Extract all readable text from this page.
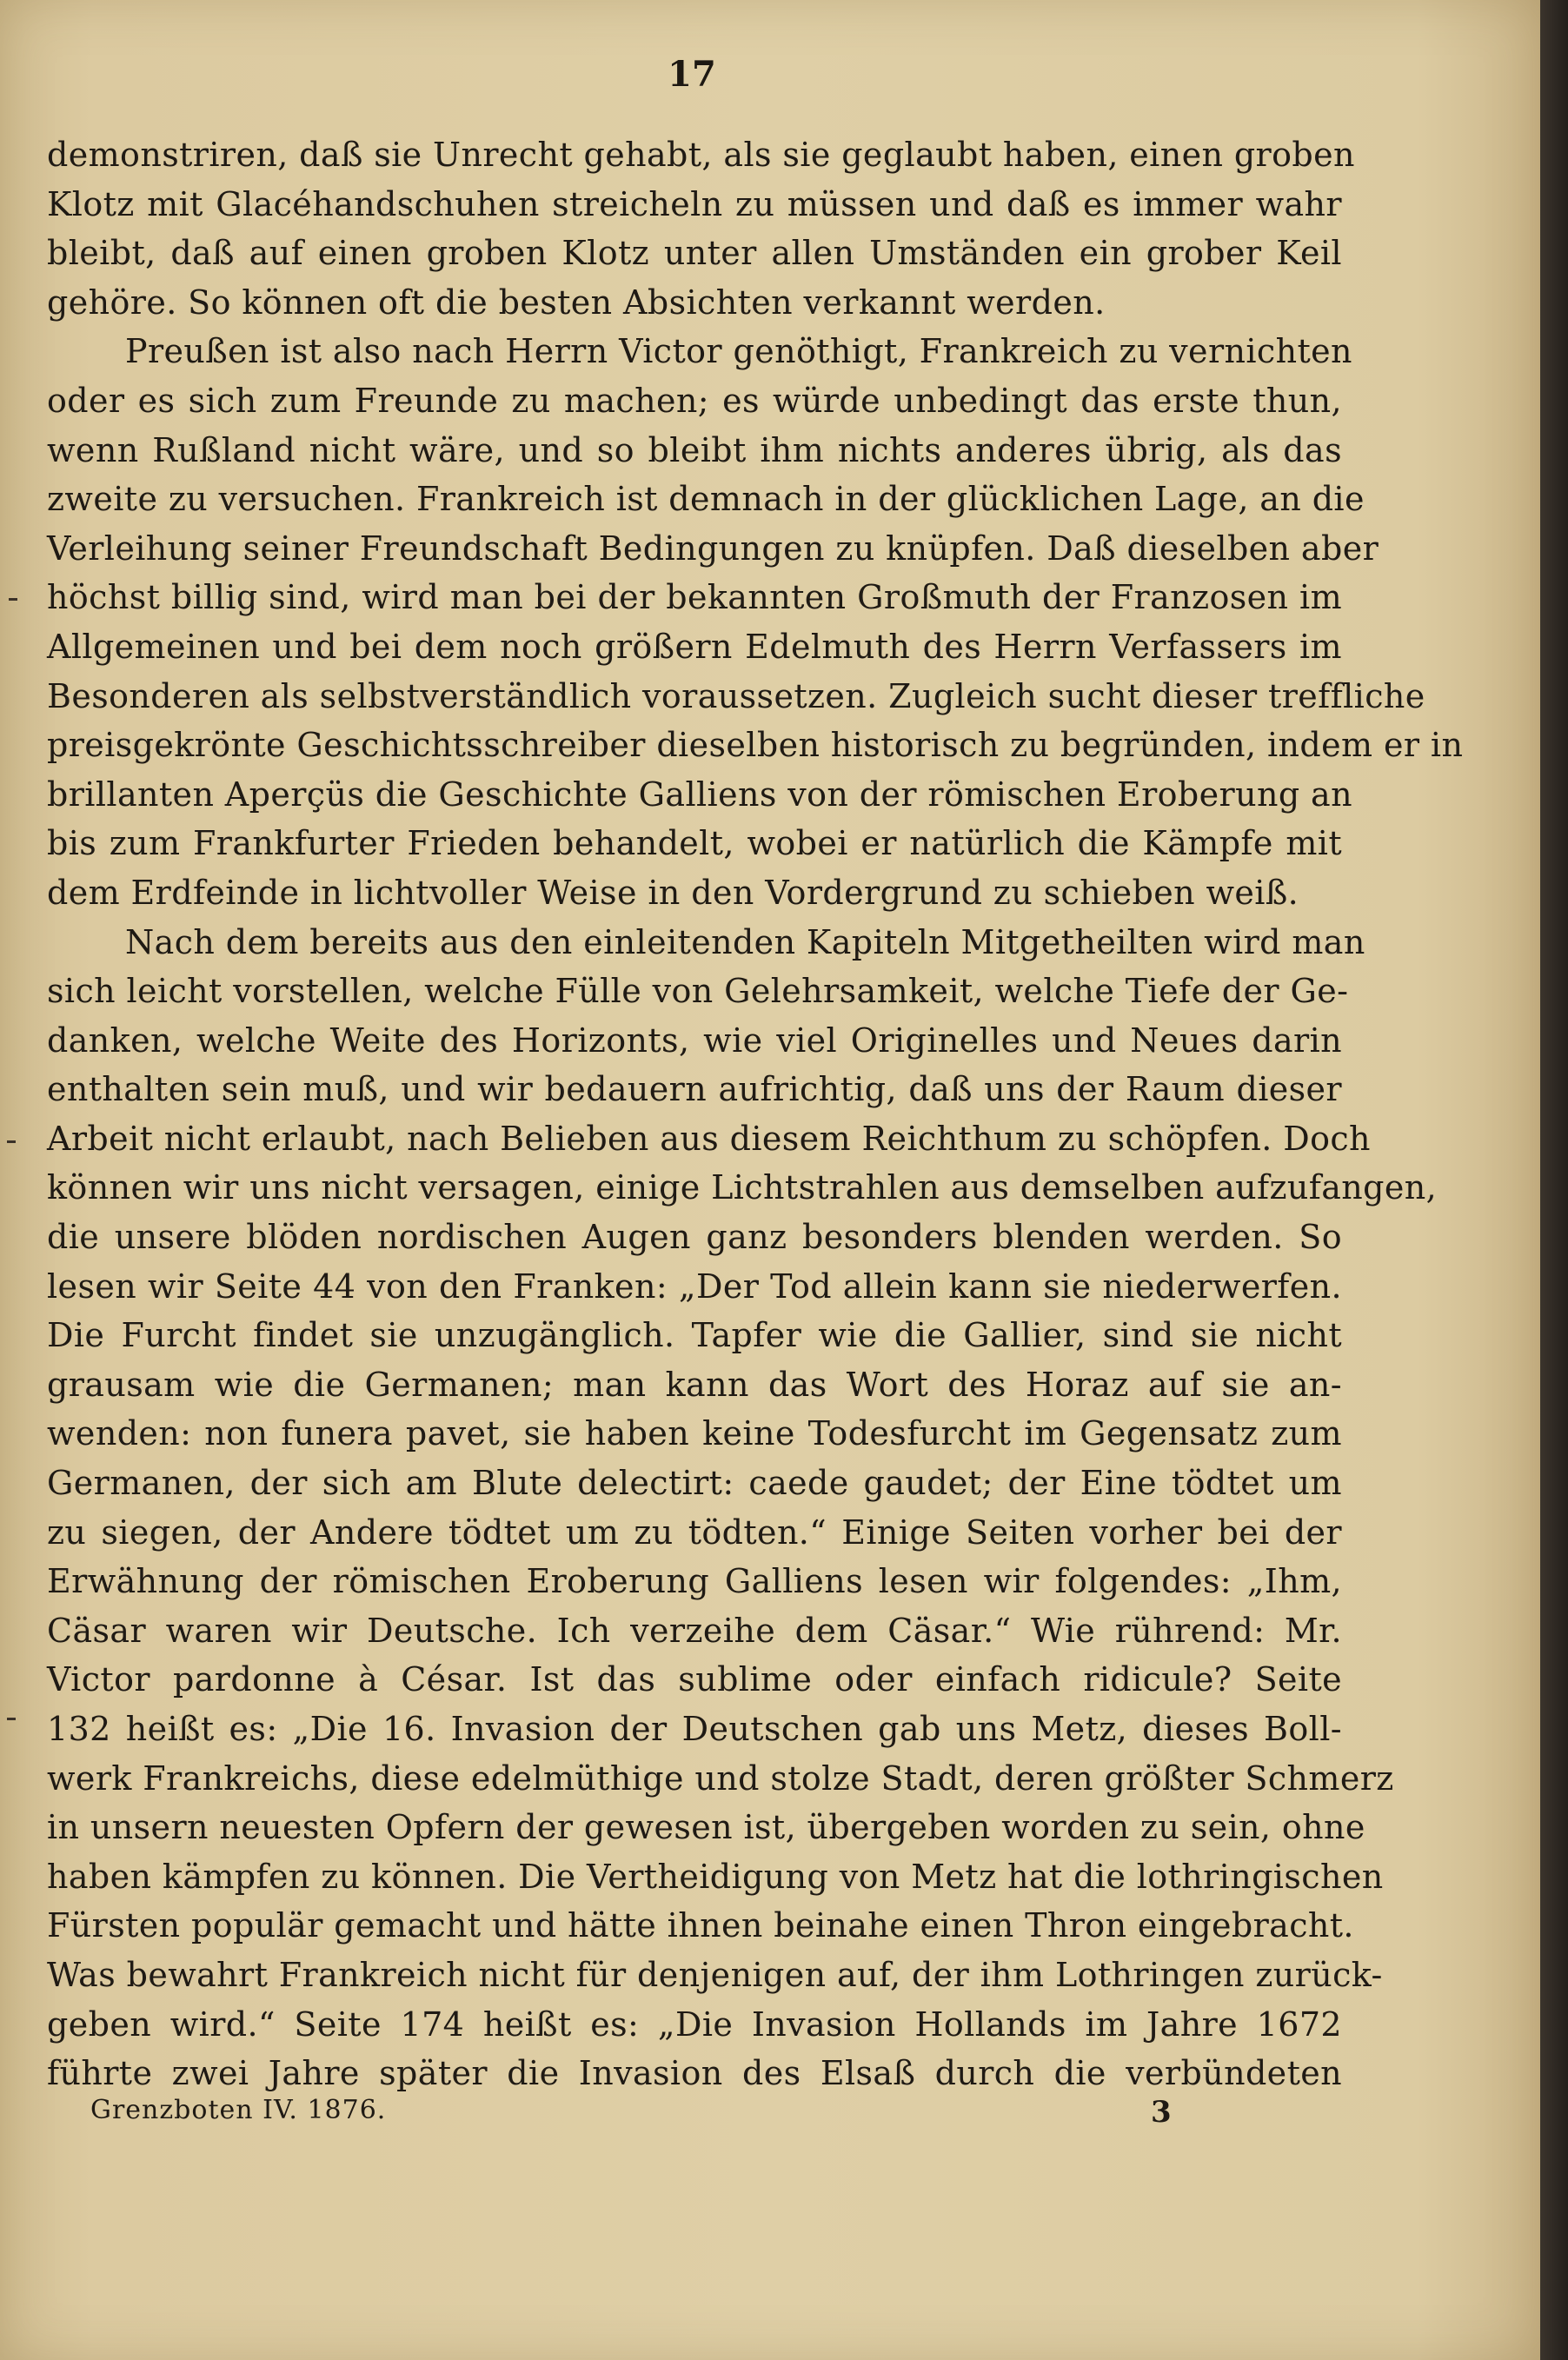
17
demonstriren, daß sie Unrecht gehabt, als sie geglaubt haben, einen groben
Klotz mit Glacéhandschuhen streicheln zu müssen und daß es immer wahr
bleibt, daß auf einen groben Klotz unter allen Umständen ein grober Keil
gehöre. So können oft die besten Absichten verkannt werden.
Preußen ist also nach Herrn Victor genöthigt, Frankreich zu vernichten
oder es sich zum Freunde zu machen; es würde unbedingt das erste thun,
wenn Rußland nicht wäre, und so bleibt ihm nichts anderes übrig, als das
zweite zu versuchen. Frankreich ist demnach in der glücklichen Lage, an die
Verleihung seiner Freundschaft Bedingungen zu knüpfen. Daß dieselben aber
höchst billig sind, wird man bei der bekannten Großmuth der Franzosen im
Allgemeinen und bei dem noch größern Edelmuth des Herrn Verfassers im
Besonderen als selbstverständlich voraussetzen. Zugleich sucht dieser treffliche
preisgekrönte Geschichtsschreiber dieselben historisch zu begründen, indem er in
brillanten Aperçüs die Geschichte Galliens von der römischen Eroberung an
bis zum Frankfurter Frieden behandelt, wobei er natürlich die Kämpfe mit
dem Erdfeinde in lichtvoller Weise in den Vordergrund zu schieben weiß.
Nach dem bereits aus den einleitenden Kapiteln Mitgetheilten wird man
sich leicht vorstellen, welche Fülle von Gelehrsamkeit, welche Tiefe der Ge-
danken, welche Weite des Horizonts, wie viel Originelles und Neues darin
enthalten sein muß, und wir bedauern aufrichtig, daß uns der Raum dieser
Arbeit nicht erlaubt, nach Belieben aus diesem Reichthum zu schöpfen. Doch
können wir uns nicht versagen, einige Lichtstrahlen aus demselben aufzufangen,
die unsere blöden nordischen Augen ganz besonders blenden werden. So
lesen wir Seite 44 von den Franken: „Der Tod allein kann sie niederwerfen.
Die Furcht findet sie unzugänglich. Tapfer wie die Gallier, sind sie nicht
grausam wie die Germanen; man kann das Wort des Horaz auf sie an-
wenden: non funera pavet, sie haben keine Todesfurcht im Gegensatz zum
Germanen, der sich am Blute delectirt: caede gaudet; der Eine tödtet um
zu siegen, der Andere tödtet um zu tödten.“ Einige Seiten vorher bei der
Erwähnung der römischen Eroberung Galliens lesen wir folgendes: „Ihm,
Cäsar waren wir Deutsche. Ich verzeihe dem Cäsar.“ Wie rührend: Mr.
Victor pardonne à César. Ist das sublime oder einfach ridicule? Seite
132 heißt es: „Die 16. Invasion der Deutschen gab uns Metz, dieses Boll-
werk Frankreichs, diese edelmüthige und stolze Stadt, deren größter Schmerz
in unsern neuesten Opfern der gewesen ist, übergeben worden zu sein, ohne
haben kämpfen zu können. Die Vertheidigung von Metz hat die lothringischen
Fürsten populär gemacht und hätte ihnen beinahe einen Thron eingebracht.
Was bewahrt Frankreich nicht für denjenigen auf, der ihm Lothringen zurück-
geben wird.“ Seite 174 heißt es: „Die Invasion Hollands im Jahre 1672
führte zwei Jahre später die Invasion des Elsaß durch die verbündeten
Grenzboten IV. 1876.	3
